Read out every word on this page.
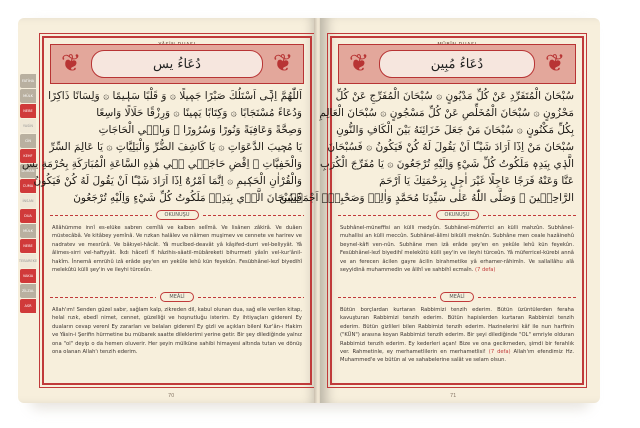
FATİHA
MÜLK
NEBE
YASİN
CİN
KEHF
DUHAN
CUMA
İNSAN
DUA
MÜLK
NEBE
TEBAREKE
VAKIA
ZİLZAL
ASR
❦	دُعَاءُ يس	❦
اَللّٰهُمَّ اِنّٖٓى اَسْتَلُكَ صَبْرًا جَمٖيلًا ۞ وَ قَلْبًا سَلٖيمًا ۞ وَلِسَانًا ذَاكِرًا
وَدُعَاءً مُسْتَجَابًا ۞ وَكِتَابًا يَمٖينًا ۞ وَرِزْقًا حَلَالًا وَاسِعًا
وَصِحَّةً وَعَافِيَةً وَنُورًا وَسُرُورًا ۞ وَبِاقٖي الْحَاجَاتِ
يَا مُجٖيبَ الدَّعَوَاتِ ۞ يَا كَاشِفَ الضُّرِّ وَالْبَلِيَّاتِ ۞ يَا عَالِمَ السِّرِّ
وَالْخَفِيَّاتِ ۞ اِقْضِ حَاجَتٖي فٖي هٰذِهِ السَّاعَةِ الْمُبَارَكَةِ بِحُرْمَةِ يس
وَالْقُرْاٰنِ الْحَكٖيمِ ۞ اِنَّمَا اَمْرُهُٓ اِذَٓا اَرَادَ شَيْـًٔا اَنْ يَقُولَ لَهُ كُنْ فَيَكُونُ
فَسُبْحَانَ الَّذٖي بِيَدِهٖ مَلَكُوتُ كُلِّ شَيْءٍ وَاِلَيْهِ تُرْجَعُونَ
OKUNUŞU
Allâhümme innî es-elüke sabren cemîlâ ve kalben selîmâ. Ve lisânen zâkirâ. Ve duâen müstecâbâ. Ve kitâbey yemînâ. Ve rızkan halâlev ve nâimen muşimev ve cennete ve harirev ve nadratev ve mesrûrâ. Ve bâkıyel-hâcât. Yâ mucîbed-deavât yâ kâşifed-durri vel-beliyyât. Yâ âlimes-sirri vel-hafiyyât. İkdı hâcetî fî hâzihis-sâatil-mübâreketi bihurmeti yâsîn vel-kur'ânil-hakîm. İnnemâ emrühû izâ erâde şey'en en yekûle lehû kün feyekûn. Fesübhânel-lezî biyedihî melekûtü külli şey'in ve ileyhi türceûn.
MEÂLİ
Allah'ım! Senden güzel sabır, sağlam kalp, zikreden dil, kabul olunan dua, sağ elle verilen kitap, helal rızık, ebedî nimet, cennet, güzelliği ve hoşnutluğu isterim. Ey ihtiyaçları giderenl Ey duaların cevap verenl Ey zararları ve belaları giderenl Ey gizli ve açıkları bilenl Kur'ân-ı Hakim ve Yâsin-i Şerifin hürmetine bu mübarek saatte dileklerimi yerine getir. Bir şey dilediğinde yalnız ona "ol" deyip o da hemen oluverir. Her şeyin mülküne sahibi himayesi altında tutan ve dönüş ona olanan Allah'ı tenzih ederim.
70
❦	دُعَاءُ مُبِين	❦
سُبْحَانَ الْمُتَفَرِّدِ عَنْ كُلِّ مَدْيُونٍ ۞ سُبْحَانَ الْمُفَرِّجِ عَنْ كُلِّ
مَحْزُونٍ ۞ سُبْحَانَ الْمُخَلِّصِ عَنْ كُلِّ مَسْجُونٍ ۞ سُبْحَانَ الْعَالِمِ
بِكُلِّ مَكْنُونٍ ۞ سُبْحَانَ مَنْ جَعَلَ خَزَائِنَهُ بَيْنَ الْكَافِ وَالنُّونِ
سُبْحَانَ مَنْ اِذَٓا اَرَادَ شَيْـًٔا اَنْ يَقُولَ لَهُ كُنْ فَيَكُونُ ۞ فَسُبْحَانَ
الَّذٖي بِيَدِهٖ مَلَكُوتُ كُلِّ شَيْءٍ وَاِلَيْهِ تُرْجَعُونَ ۞ يَا مُفَرِّجَ الْكُرَبِ
عَنَّا وَعَنْهُ فَرَجًا عَاجِلًا غَيْرَ اٰجِلٍ بِرَحْمَتِكَ يَا اَرْحَمَ
الرَّاحِمٖينَ ۞ وَصَلَّى اللّٰهُ عَلٰى سَيِّدِنَا مُحَمَّدٍ وَاٰلِهٖ وَصَحْبِهٖٓ اَجْمَعٖينَ
OKUNUŞU
Subhânel-müneffisi an külli medyûn. Subhânel-müferrici an külli mahzûn. Subhânel-muhallisi an külli meccûn. Subhânel-âlimi bikülli meknûn. Subhâne men ceale hazâinehû beynel-kâfi ven-nûn. Subhâne men izâ erâde şey'en en yekûle lehû kün feyekûn. Fesübhânel-lezî biyedihî melekûtü külli şey'in ve ileyhi türceûn. Yâ müferricel-kürebi annâ ve an ferecen âcilen gayre âcilin birahmetike yâ erhamer-râhimîn. Ve sallallâhu alâ seyyidinâ muhammedin ve âlihî ve sahbihî ecmaîn. (7 defa)
MEÂLİ
Bütün borçlardan kurtaran Rabbimizi tenzih ederim. Bütün üzüntülerden feraha kavuşturan Rabbimizi tenzih ederim. Bütün hapislerden kurtaran Rabbimizi tenzih ederim. Bütün gizlileri bilen Rabbimizi tenzih ederim. Hazinelerini kâf ile nun harfinin ("KÜN") arasına koyan Rabbimizi tenzih ederim. Bir şeyi dilediğinde "OL" emriyle olduran Rabbimizi tenzih ederim. Ey kederleri açan! Bize ve ona gecikmeden, şimdi bir ferahlık ver. Rahmetinle, ey merhametlilerin en merhametlisi! (7 defa) Allah'ım efendimiz Hz. Muhammed'e ve bütün al ve sahabelerine salât ve selam olsun.
71
